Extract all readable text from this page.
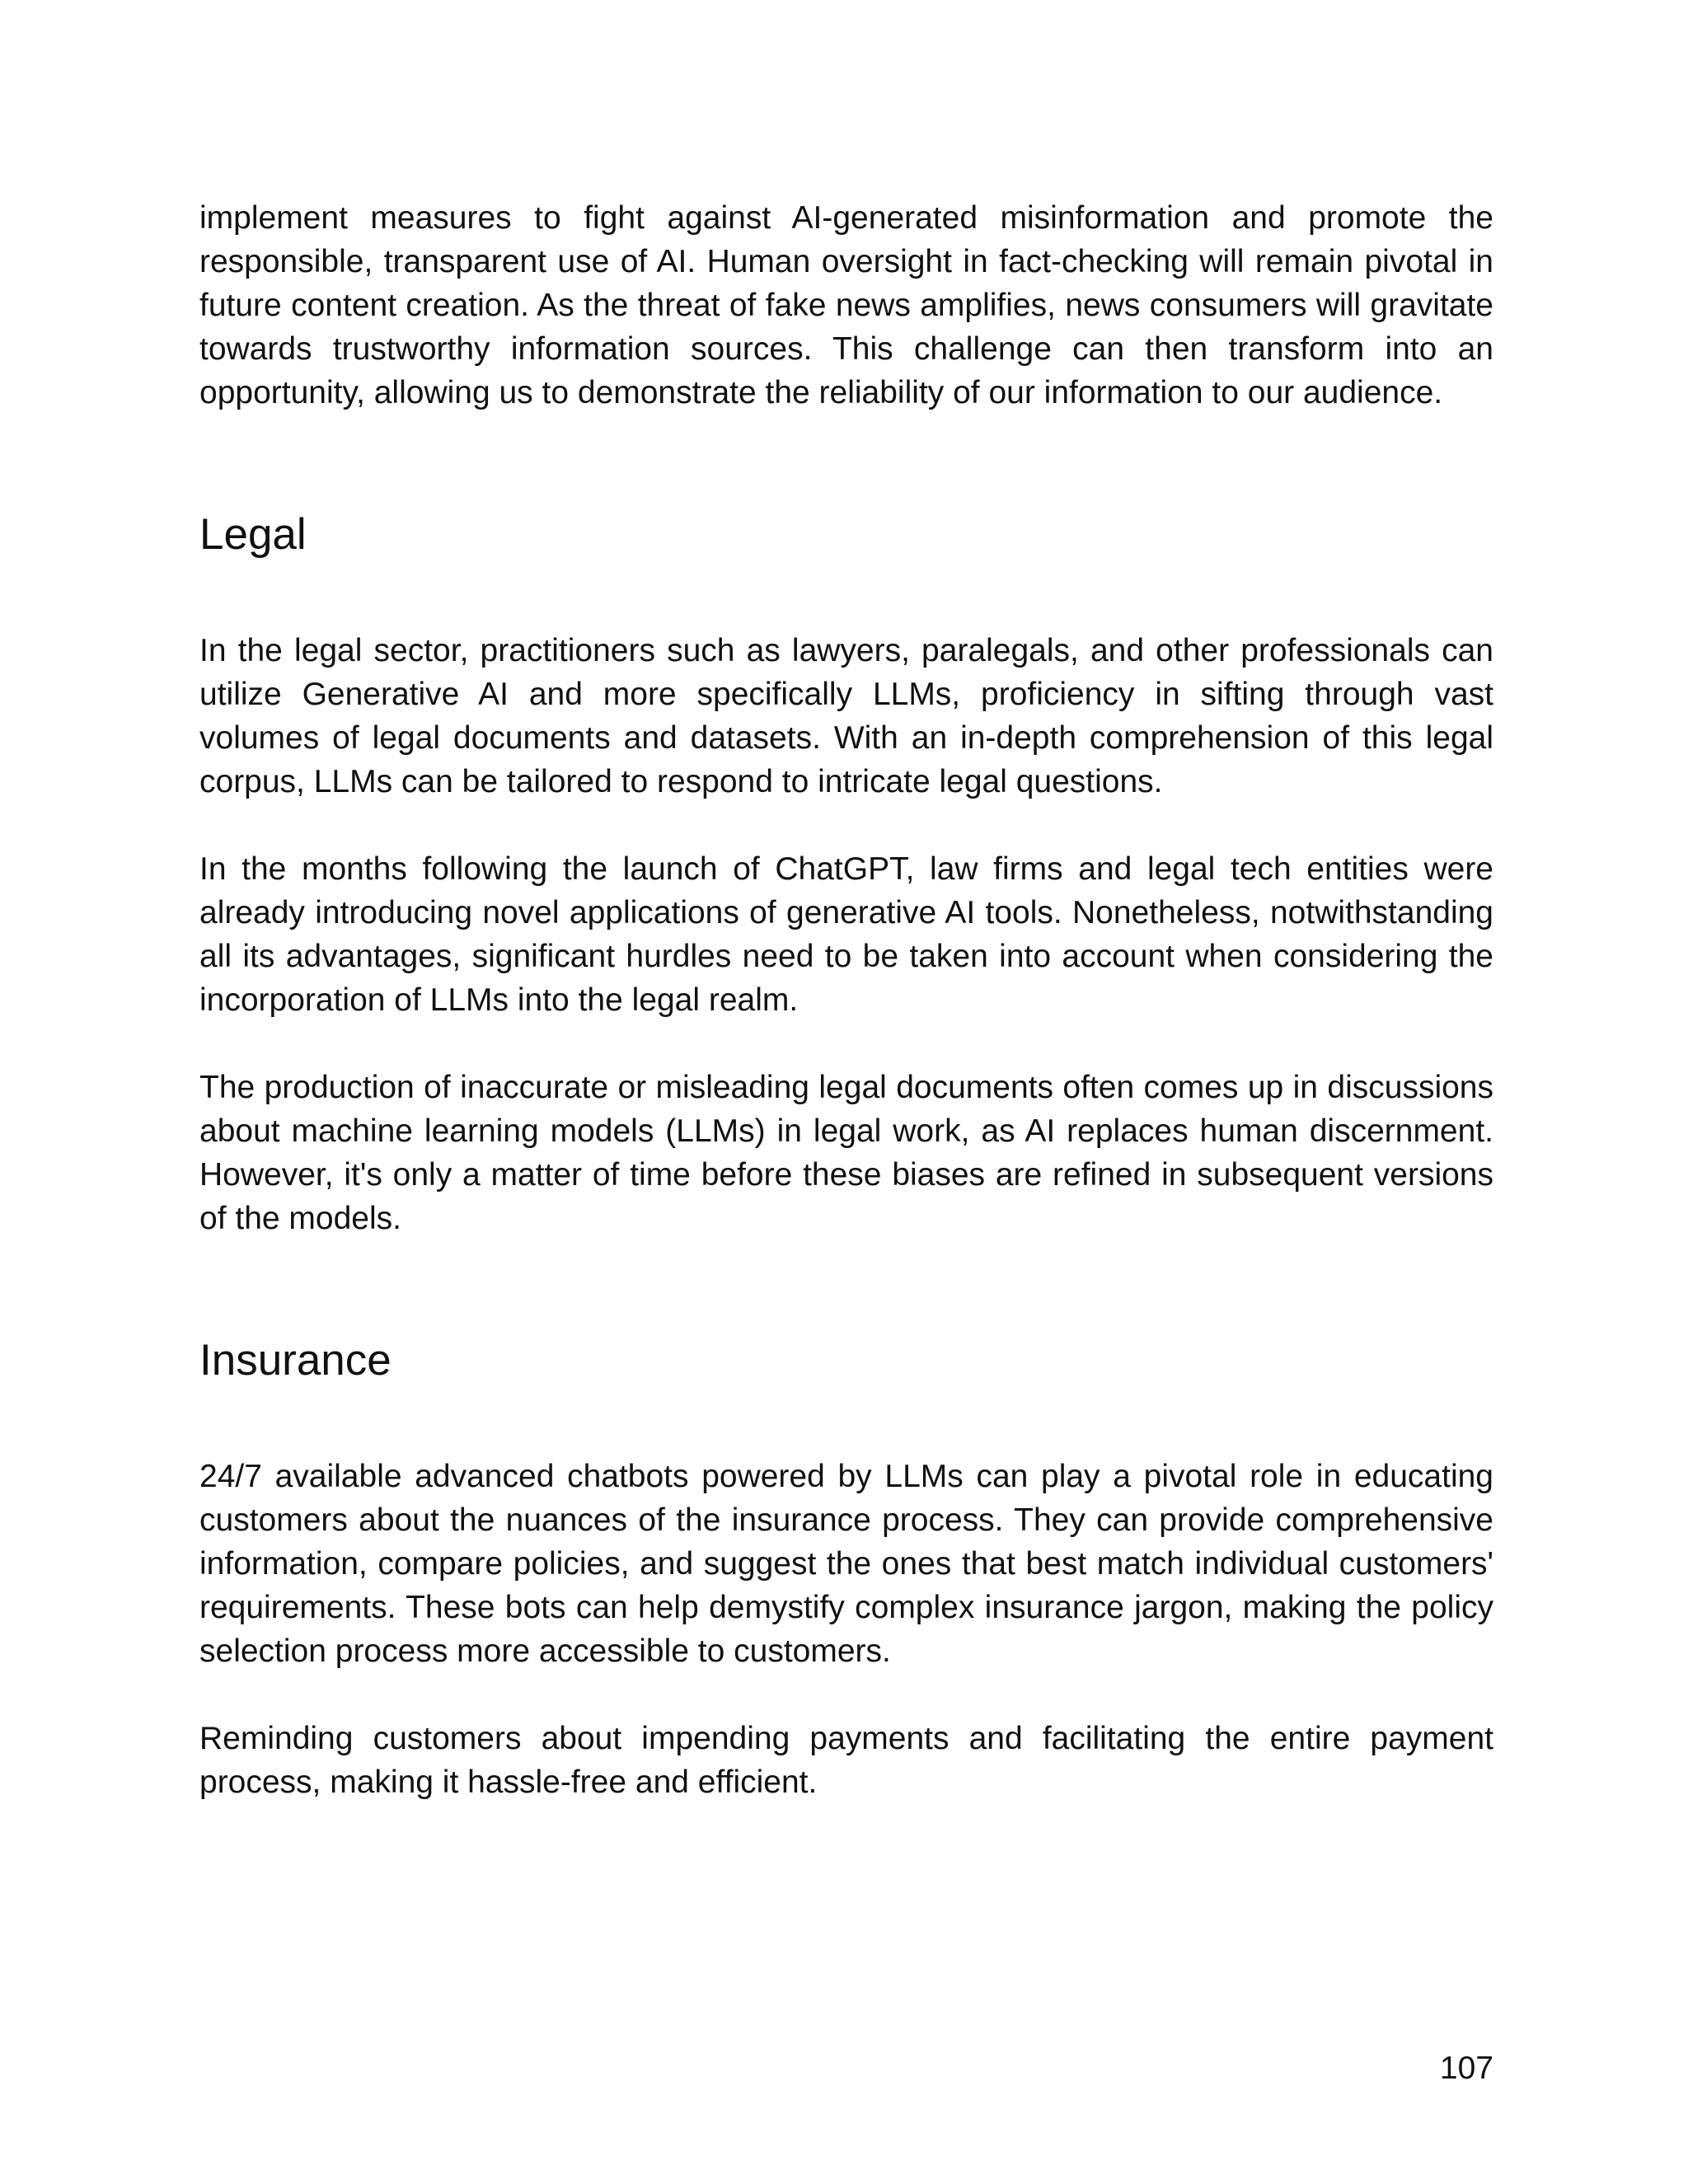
implement measures to fight against AI-generated misinformation and promote the responsible, transparent use of AI. Human oversight in fact-checking will remain pivotal in future content creation. As the threat of fake news amplifies, news consumers will gravitate towards trustworthy information sources. This challenge can then transform into an opportunity, allowing us to demonstrate the reliability of our information to our audience.

Legal

In the legal sector, practitioners such as lawyers, paralegals, and other professionals can utilize Generative AI and more specifically LLMs, proficiency in sifting through vast volumes of legal documents and datasets. With an in-depth comprehension of this legal corpus, LLMs can be tailored to respond to intricate legal questions.

In the months following the launch of ChatGPT, law firms and legal tech entities were already introducing novel applications of generative AI tools. Nonetheless, notwithstanding all its advantages, significant hurdles need to be taken into account when considering the incorporation of LLMs into the legal realm.

The production of inaccurate or misleading legal documents often comes up in discussions about machine learning models (LLMs) in legal work, as AI replaces human discernment. However, it's only a matter of time before these biases are refined in subsequent versions of the models.

Insurance

24/7 available advanced chatbots powered by LLMs can play a pivotal role in educating customers about the nuances of the insurance process. They can provide comprehensive information, compare policies, and suggest the ones that best match individual customers' requirements. These bots can help demystify complex insurance jargon, making the policy selection process more accessible to customers.

Reminding customers about impending payments and facilitating the entire payment process, making it hassle-free and efficient.

107
